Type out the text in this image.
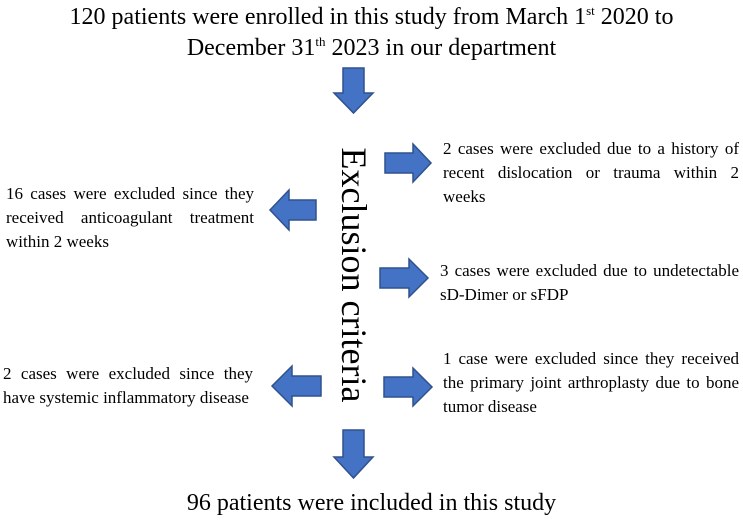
120 patients were enrolled in this study from March 1st 2020 to
December 31th 2023 in our department
Exclusion criteria	2 cases were excluded due to a history of recent dislocation or trauma within 2 weeks
16 cases were excluded since they received anticoagulant treatment within 2 weeks
3 cases were excluded due to undetectable sD-Dimer or sFDP
2 cases were excluded since they have systemic inflammatory disease
1 case were excluded since they received the primary joint arthroplasty due to bone tumor disease
96 patients were included in this study
